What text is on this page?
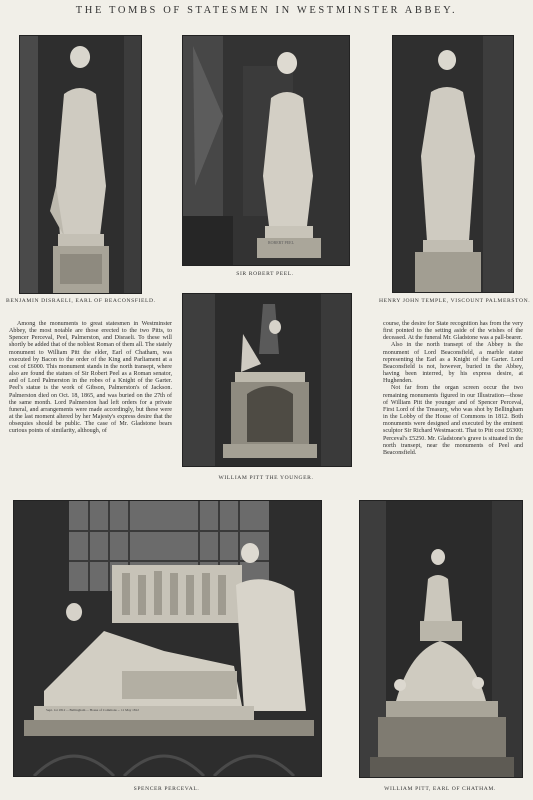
THE TOMBS OF STATESMEN IN WESTMINSTER ABBEY.
BENJAMIN DISRAELI, EARL OF BEACONSFIELD.
SIR ROBERT PEEL.
HENRY JOHN TEMPLE, VISCOUNT PALMERSTON.

Among the monuments to great statesmen in Westminster Abbey, the most notable are those erected to the two Pitts, to Spencer Perceval, Peel, Palmerston, and Disraeli. To these will shortly be added that of the noblest Roman of them all. The stately monument to William Pitt the elder, Earl of Chatham, was executed by Bacon to the order of the King and Parliament at a cost of £6000. This monument stands in the north transept, where also are found the statues of Sir Robert Peel as a Roman senator, and of Lord Palmerston in the robes of a Knight of the Garter. Peel's statue is the work of Gibson, Palmerston's of Jackson. Palmerston died on Oct. 18, 1865, and was buried on the 27th of the same month. Lord Palmerston had left orders for a private funeral, and arrangements were made accordingly, but these were at the last moment altered by her Majesty's express desire that the obsequies should be public. The case of Mr. Gladstone bears curious points of similarity, although, of

WILLIAM PITT THE YOUNGER.

course, the desire for State recognition has from the very first pointed to the setting aside of the wishes of the deceased. At the funeral Mr. Gladstone was a pall-bearer.

Also in the north transept of the Abbey is the monument of Lord Beaconsfield, a marble statue representing the Earl as a Knight of the Garter. Lord Beaconsfield is not, however, buried in the Abbey, having been interred, by his express desire, at Hughenden.

Not far from the organ screen occur the two remaining monuments figured in our Illustration—those of William Pitt the younger and of Spencer Perceval, First Lord of the Treasury, who was shot by Bellingham in the Lobby of the House of Commons in 1812. Both monuments were designed and executed by the eminent sculptor Sir Richard Westmacott. That to Pitt cost £6300; Perceval's £5250. Mr. Gladstone's grave is situated in the north transept, near the monuments of Peel and Beaconsfield.

SPENCER PERCEVAL.	WILLIAM PITT, EARL OF CHATHAM.
ROBERT PEEL
Sept. 1st 1812 ... Bellingham ... House of Commons ... 11 May 1812
